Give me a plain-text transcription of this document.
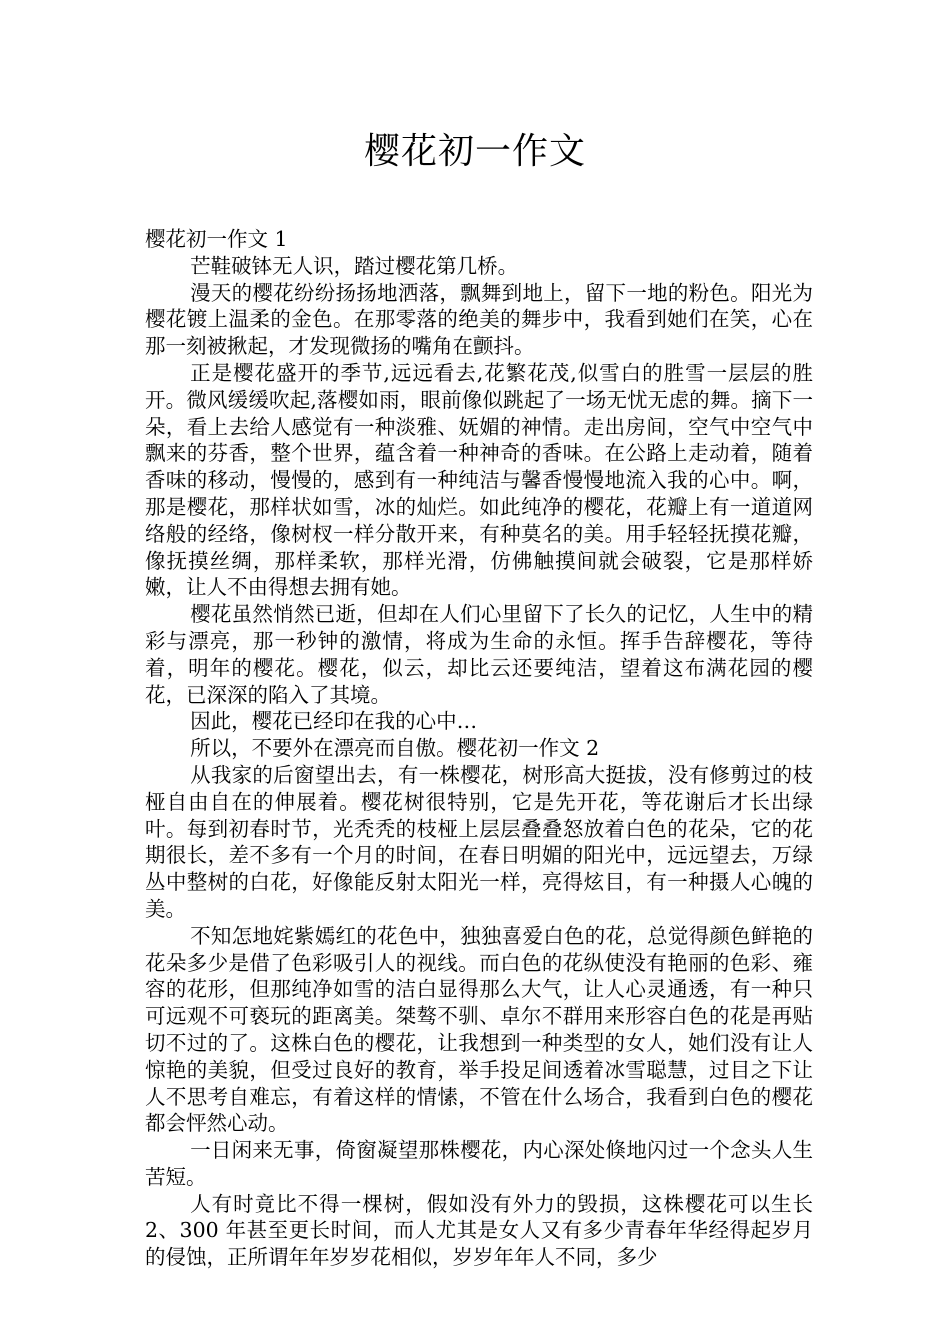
樱花初一作文

樱花初一作文 1

芒鞋破钵无人识，踏过樱花第几桥。

漫天的樱花纷纷扬扬地洒落，飘舞到地上，留下一地的粉色。阳光为樱花镀上温柔的金色。在那零落的绝美的舞步中，我看到她们在笑，心在那一刻被揪起，才发现微扬的嘴角在颤抖。

正是樱花盛开的季节,远远看去,花繁花茂,似雪白的胜雪一层层的胜开。微风缓缓吹起,落樱如雨，眼前像似跳起了一场无忧无虑的舞。摘下一朵，看上去给人感觉有一种淡雅、妩媚的神情。走出房间，空气中空气中飘来的芬香，整个世界，蕴含着一种神奇的香味。在公路上走动着，随着香味的移动，慢慢的，感到有一种纯洁与馨香慢慢地流入我的心中。啊，那是樱花，那样状如雪，冰的灿烂。如此纯净的樱花，花瓣上有一道道网络般的经络，像树杈一样分散开来，有种莫名的美。用手轻轻抚摸花瓣，像抚摸丝绸，那样柔软，那样光滑，仿佛触摸间就会破裂，它是那样娇嫩，让人不由得想去拥有她。

樱花虽然悄然已逝，但却在人们心里留下了长久的记忆，人生中的精彩与漂亮，那一秒钟的激情，将成为生命的永恒。挥手告辞樱花，等待着，明年的樱花。樱花，似云，却比云还要纯洁，望着这布满花园的樱花，已深深的陷入了其境。

因此，樱花已经印在我的心中…

所以，不要外在漂亮而自傲。樱花初一作文 2

从我家的后窗望出去，有一株樱花，树形高大挺拔，没有修剪过的枝桠自由自在的伸展着。樱花树很特别，它是先开花，等花谢后才长出绿叶。每到初春时节，光秃秃的枝桠上层层叠叠怒放着白色的花朵，它的花期很长，差不多有一个月的时间，在春日明媚的阳光中，远远望去，万绿丛中整树的白花，好像能反射太阳光一样，亮得炫目，有一种摄人心魄的美。

不知怎地姹紫嫣红的花色中，独独喜爱白色的花，总觉得颜色鲜艳的花朵多少是借了色彩吸引人的视线。而白色的花纵使没有艳丽的色彩、雍容的花形，但那纯净如雪的洁白显得那么大气，让人心灵通透，有一种只可远观不可亵玩的距离美。桀骜不驯、卓尔不群用来形容白色的花是再贴切不过的了。这株白色的樱花，让我想到一种类型的女人，她们没有让人惊艳的美貌，但受过良好的教育，举手投足间透着冰雪聪慧，过目之下让人不思考自难忘，有着这样的情愫，不管在什么场合，我看到白色的樱花都会怦然心动。

一日闲来无事，倚窗凝望那株樱花，内心深处倏地闪过一个念头人生苦短。

人有时竟比不得一棵树，假如没有外力的毁损，这株樱花可以生长 2、300 年甚至更长时间，而人尤其是女人又有多少青春年华经得起岁月的侵蚀，正所谓年年岁岁花相似，岁岁年年人不同，多少
